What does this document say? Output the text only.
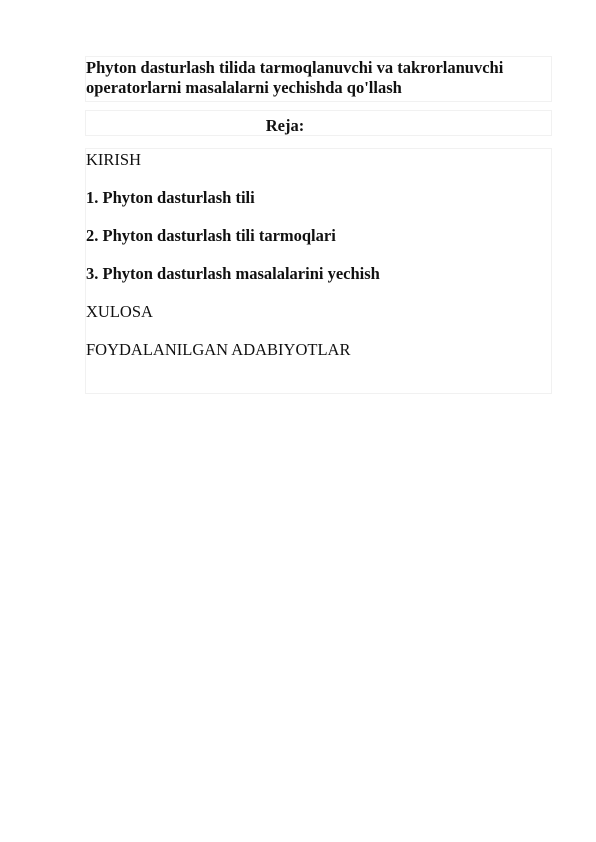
Phyton dasturlash tilida tarmoqlanuvchi va takrorlanuvchi operatorlarni masalalarni yechishda qo'llash
Reja:
KIRISH
1. Phyton dasturlash tili
2. Phyton dasturlash tili tarmoqlari
3. Phyton dasturlash masalalarini yechish
XULOSA
FOYDALANILGAN ADABIYOTLAR
